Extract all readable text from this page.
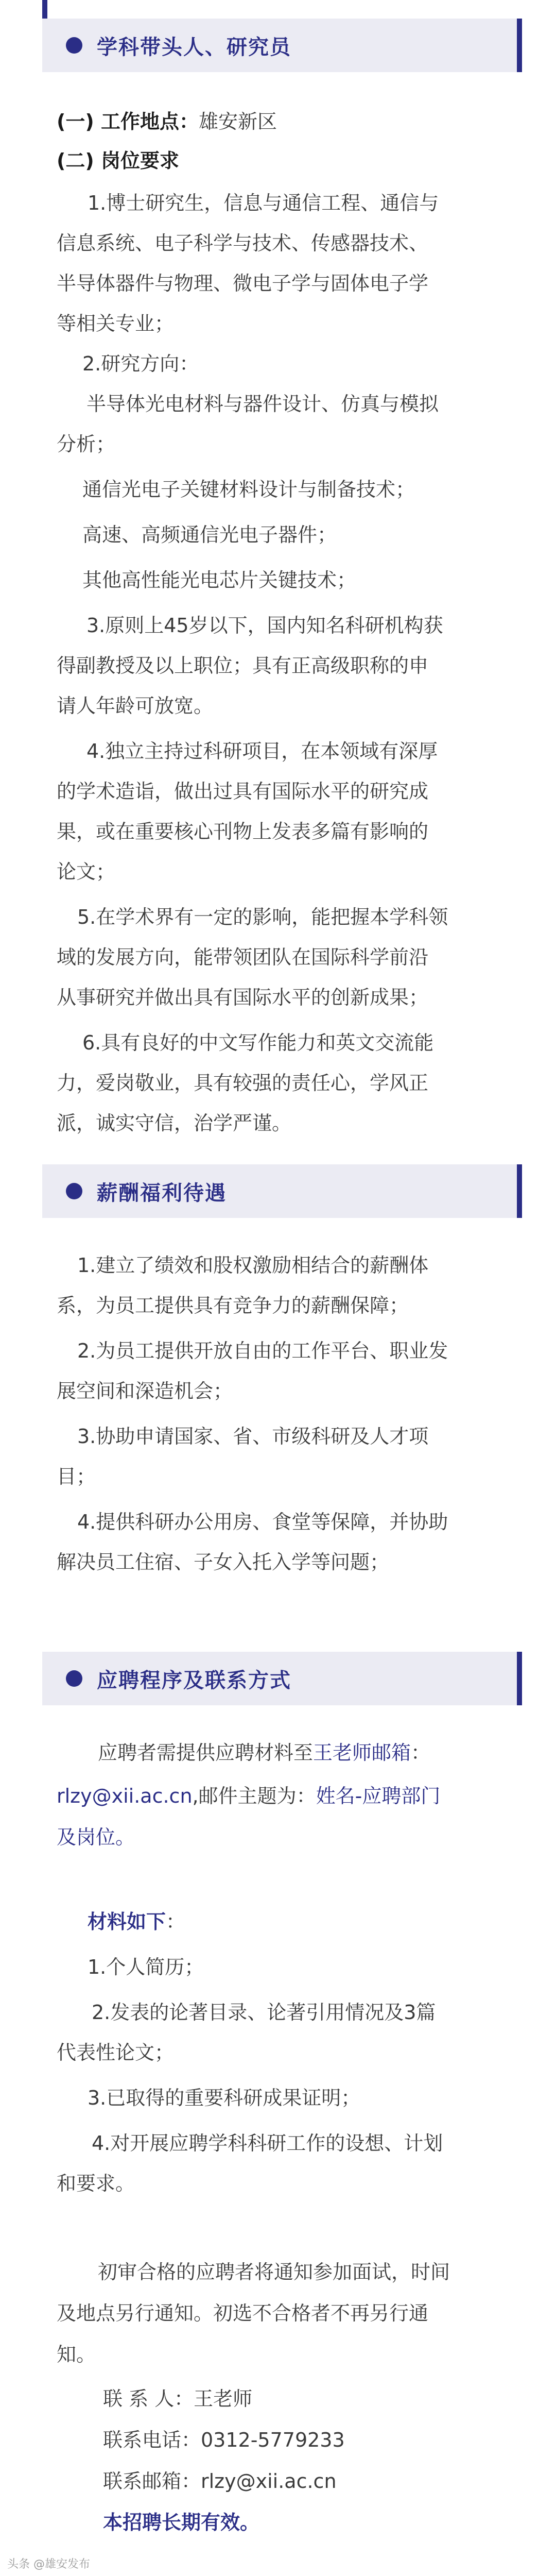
学科带头人、研究员
(一) 工作地点：雄安新区
(二) 岗位要求
1.博士研究生，信息与通信工程、通信与
信息系统、电子科学与技术、传感器技术、
半导体器件与物理、微电子学与固体电子学
等相关专业；
2.研究方向：
半导体光电材料与器件设计、仿真与模拟
分析；
通信光电子关键材料设计与制备技术；
高速、高频通信光电子器件；
其他高性能光电芯片关键技术；
3.原则上45岁以下，国内知名科研机构获
得副教授及以上职位；具有正高级职称的申
请人年龄可放宽。
4.独立主持过科研项目，在本领域有深厚
的学术造诣，做出过具有国际水平的研究成
果，或在重要核心刊物上发表多篇有影响的
论文；
5.在学术界有一定的影响，能把握本学科领
域的发展方向，能带领团队在国际科学前沿
从事研究并做出具有国际水平的创新成果；
6.具有良好的中文写作能力和英文交流能
力，爱岗敬业，具有较强的责任心，学风正
派，诚实守信，治学严谨。
薪酬福利待遇
1.建立了绩效和股权激励相结合的薪酬体
系，为员工提供具有竞争力的薪酬保障；
2.为员工提供开放自由的工作平台、职业发
展空间和深造机会；
3.协助申请国家、省、市级科研及人才项
目；
4.提供科研办公用房、食堂等保障，并协助
解决员工住宿、子女入托入学等问题；
应聘程序及联系方式
应聘者需提供应聘材料至王老师邮箱：
rlzy@xii.ac.cn,邮件主题为：姓名-应聘部门
及岗位。
材料如下：
1.个人简历；
2.发表的论著目录、论著引用情况及3篇
代表性论文；
3.已取得的重要科研成果证明；
4.对开展应聘学科科研工作的设想、计划
和要求。
初审合格的应聘者将通知参加面试，时间
及地点另行通知。初选不合格者不再另行通
知。
联 系 人：王老师
联系电话：0312-5779233
联系邮箱：rlzy@xii.ac.cn
本招聘长期有效。
头条 @雄安发布
